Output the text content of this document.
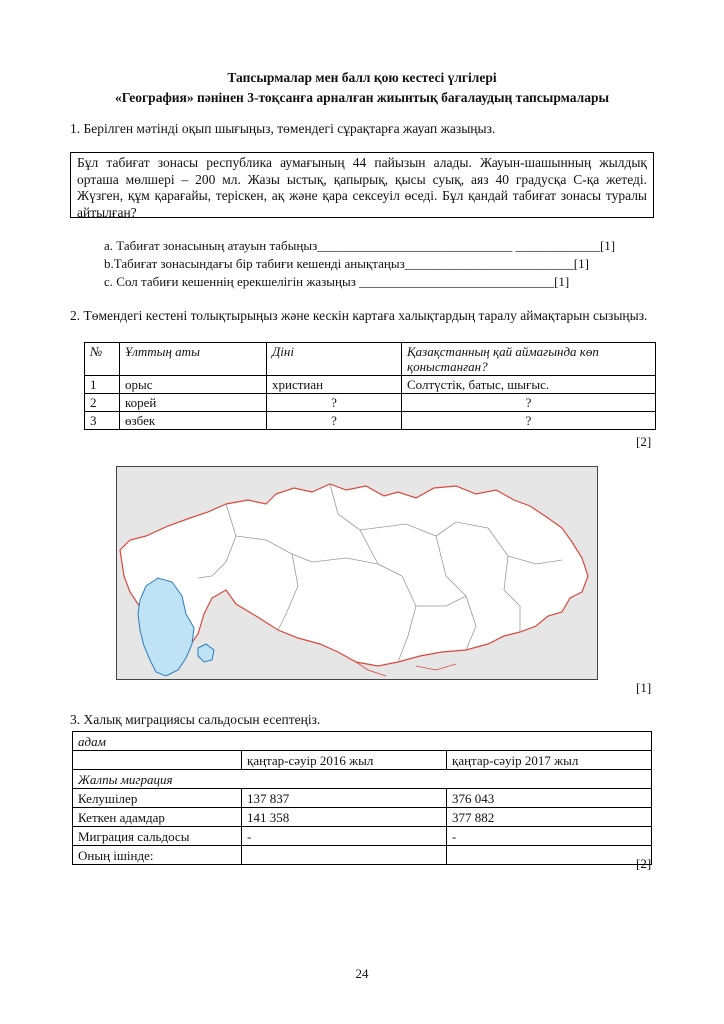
Тапсырмалар мен балл қою кестесі үлгілері
«География» пәнінен 3-тоқсанға арналған жиынтық бағалаудың тапсырмалары
1. Берілген мәтінді оқып шығыңыз, төмендегі сұрақтарға жауап жазыңыз.
Бұл табиғат зонасы республика аумағының 44 пайызын алады. Жауын-шашынның жылдық орташа мөлшері – 200 мл. Жазы ыстық, қапырық, қысы суық, аяз 40 градусқа С-қа жетеді. Жүзген, құм қарағайы, теріскен, ақ және қара сексеуіл өседі. Бұл қандай табиғат зонасы туралы айтылған?
a. Табиғат зонасының атауын табыңыз______________________________ _____________[1]
b.Табиғат зонасындағы бір табиғи кешенді анықтаңыз__________________________[1]
c. Сол табиғи кешеннің ерекшелігін жазыңыз ______________________________[1]
2. Төмендегі кестені толықтырыңыз және кескін картаға халықтардың таралу аймақтарын сызыңыз.
№	Ұлттың аты	Діні	Қазақстанның қай аймағында көп қоныстанған?
1	орыс	христиан	Солтүстік, батыс, шығыс.
2	корей	?	?
3	өзбек	?	?
[2]
[1]
3. Халық миграциясы сальдосын есептеңіз.
адам		
	қаңтар-сәуір 2016 жыл	қаңтар-сәуір 2017 жыл
Жалпы миграция		
Келушілер	137 837	376 043
Кеткен адамдар	141 358	377 882
Миграция сальдосы	-	-
Оның ішінде:		
[2]
24
